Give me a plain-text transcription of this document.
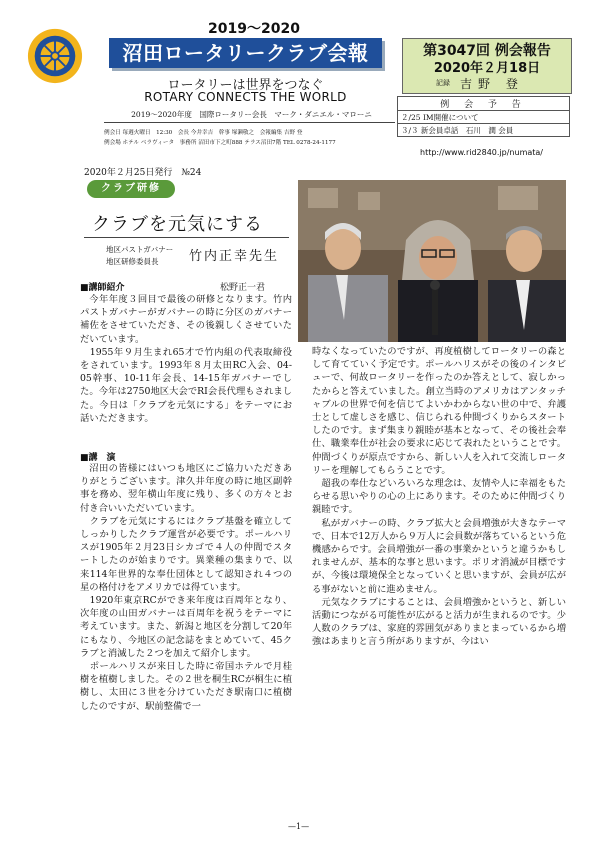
2019～2020
沼田ロータリークラブ会報
ロータリーは世界をつなぐ
ROTARY CONNECTS THE WORLD
2019～2020年度　国際ロータリー会長　マーク・ダニエル・マローニ
例会日 毎週火曜日　12:30　会長 今井幸吉　幹事 塚瀬敬之　会報編集 吉野 登
例会場 ホテル ベラヴィータ　事務所 沼田市下之町888 テラス沼田7階 TEL 0278-24-1177
第3047回 例会報告
2020年２月18日
記録 吉野 登
例 会 予 告
２/25 IM開催について
３/３ 新会員卓話　石川　潤 会員
http://www.rid2840.jp/numata/
2020年２月25日発行　№24
クラブ研修
クラブを元気にする
地区パストガバナー
地区研修委員長 竹内正幸先生
■講師紹介	松野正一君
今年年度３回目で最後の研修となります。竹内パストガバナーがガバナーの時に分区のガバナー補佐をさせていただき、その後親しくさせていただいています。
　1955年９月生まれ65才で竹内組の代表取締役をされています。1993年８月太田RC入会、04-05幹事、10-11年会長、14-15年ガバナーでした。今年は2750地区大会でRI会長代理もされました。今日は「クラブを元気にする」をテーマにお話いただきます。
■講　演
沼田の皆様にはいつも地区にご協力いただきありがとうございます。津久井年度の時に地区副幹事を務め、翌年横山年度に残り、多くの方々とお付き合いいただいています。
　クラブを元気にするにはクラブ基盤を確立してしっかりしたクラブ運営が必要です。ポールハリスが1905年２月23日シカゴで４人の仲間でスタートしたのが始まりです。異業種の集まりで、以来114年世界的な奉仕団体として認知され４つの星の格付けをアメリカでは得ています。
　1920年東京RCができ来年度は百周年となり、次年度の山田ガバナーは百周年を祝うをテーマに考えています。また、新潟と地区を分割して20年にもなり、今地区の記念誌をまとめていて、45クラブと消滅した２つを加えて紹介します。
　ポールハリスが来日した時に帝国ホテルで月桂樹を植樹しました。その２世を桐生RCが桐生に植樹し、太田に３世を分けていただき駅南口に植樹したのですが、駅前整備で一
時なくなっていたのですが、再度植樹してロータリーの森として育てていく予定です。ポールハリスがその後のインタビューで、何故ロータリーを作ったのか答えとして、寂しかったからと答えていました。創立当時のアメリカはアンタッチャブルの世界で何を信じてよいかわからない世の中で、弁護士として虚しさを感じ、信じられる仲間づくりからスタートしたのです。まず集まり親睦が基本となって、その後社会奉仕、職業奉仕が社会の要求に応じて表れたということです。仲間づくりが原点ですから、新しい人を入れて交流しロータリーを理解してもらうことです。
　超我の奉仕などいろいろな理念は、友情や人に幸福をもたらせる思いやりの心の上にあります。そのために仲間づくり親睦です。
　私がガバナーの時、クラブ拡大と会員増強が大きなテーマで、日本で12万人から９万人に会員数が落ちているという危機感からです。会員増強が一番の事業かというと違うかもしれませんが、基本的な事と思います。ポリオ消滅が目標ですが、今後は環境保全となっていくと思いますが、会員が広がる事がないと前に進めません。
　元気なクラブにすることは、会員増強かというと、新しい活動につながる可能性が広がると活力が生まれるのです。少人数のクラブは、家庭的雰囲気がありまとまっているから増強はあまりと言う所がありますが、今はい
—1—
